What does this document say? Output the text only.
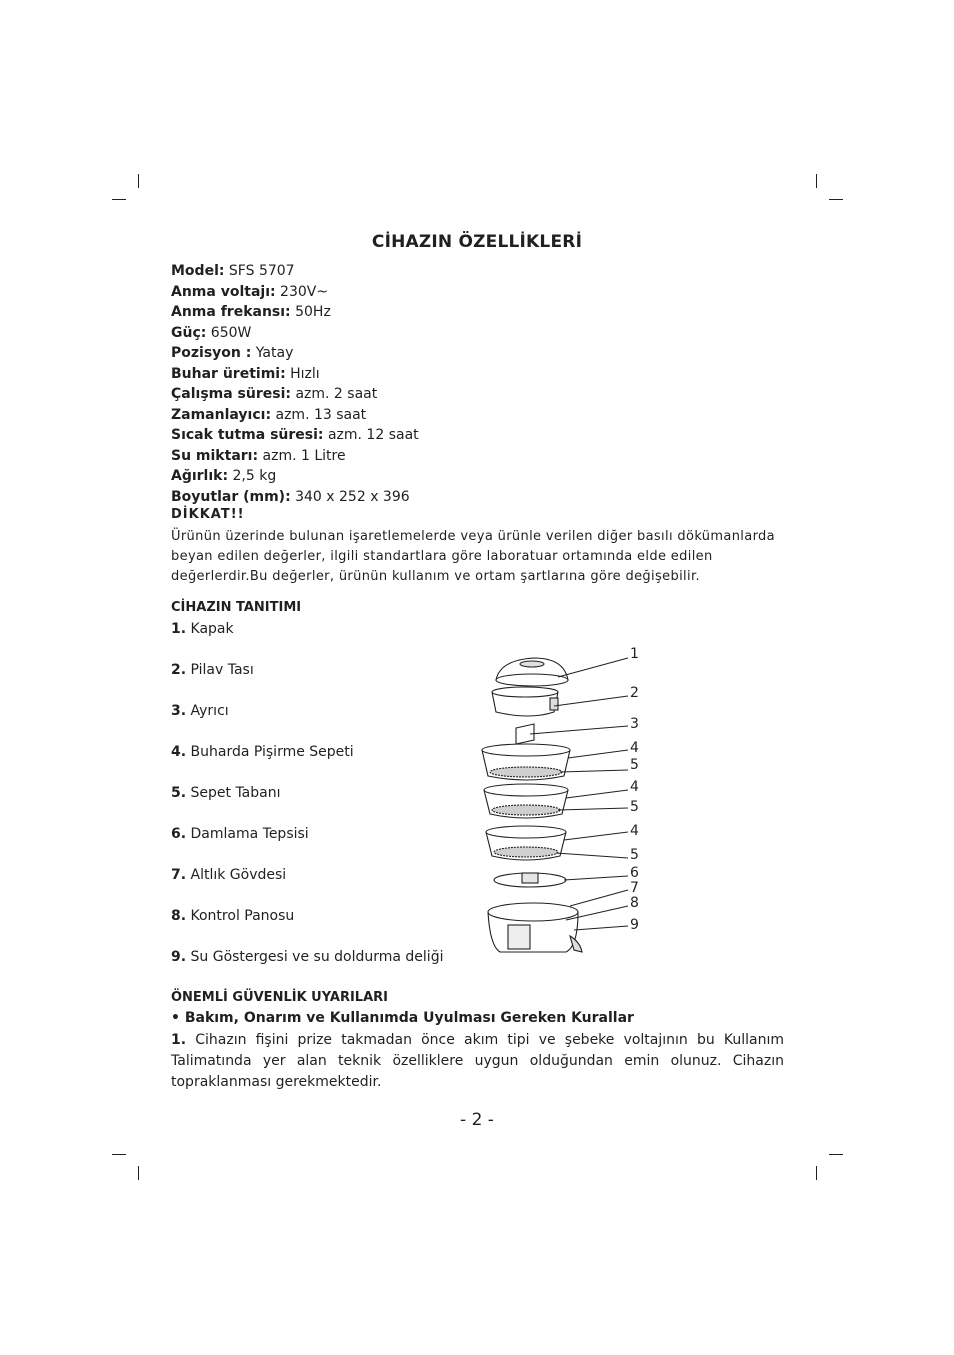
CİHAZIN ÖZELLİKLERİ
Model: SFS 5707
Anma voltajı: 230V~
Anma frekansı: 50Hz
Güç: 650W
Pozisyon : Yatay
Buhar üretimi: Hızlı
Çalışma süresi: azm. 2 saat
Zamanlayıcı: azm. 13 saat
Sıcak tutma süresi: azm. 12 saat
Su miktarı: azm. 1 Litre
Ağırlık: 2,5 kg
Boyutlar (mm): 340 x 252 x 396
DİKKAT!!
Ürünün üzerinde bulunan işaretlemelerde veya ürünle verilen diğer basılı dökümanlarda beyan edilen değerler, ilgili standartlara göre laboratuar ortamında elde edilen değerlerdir.Bu değerler, ürünün kullanım ve ortam şartlarına göre değişebilir.
CİHAZIN TANITIMI
1. Kapak
2. Pilav Tası
3. Ayrıcı
4. Buharda Pişirme Sepeti
5. Sepet Tabanı
6. Damlama Tepsisi
7. Altlık Gövdesi
8. Kontrol Panosu
9. Su Göstergesi ve su doldurma deliği
1
2
3
4
5
4
5
4
5
6
7
8
9
ÖNEMLİ GÜVENLİK UYARILARI
• Bakım, Onarım ve Kullanımda Uyulması Gereken Kurallar
1. Cihazın fişini prize takmadan önce akım tipi ve şebeke voltajının bu Kullanım Talimatında yer alan teknik özelliklere uygun olduğundan emin olunuz. Cihazın topraklanması gerekmektedir.
- 2 -
